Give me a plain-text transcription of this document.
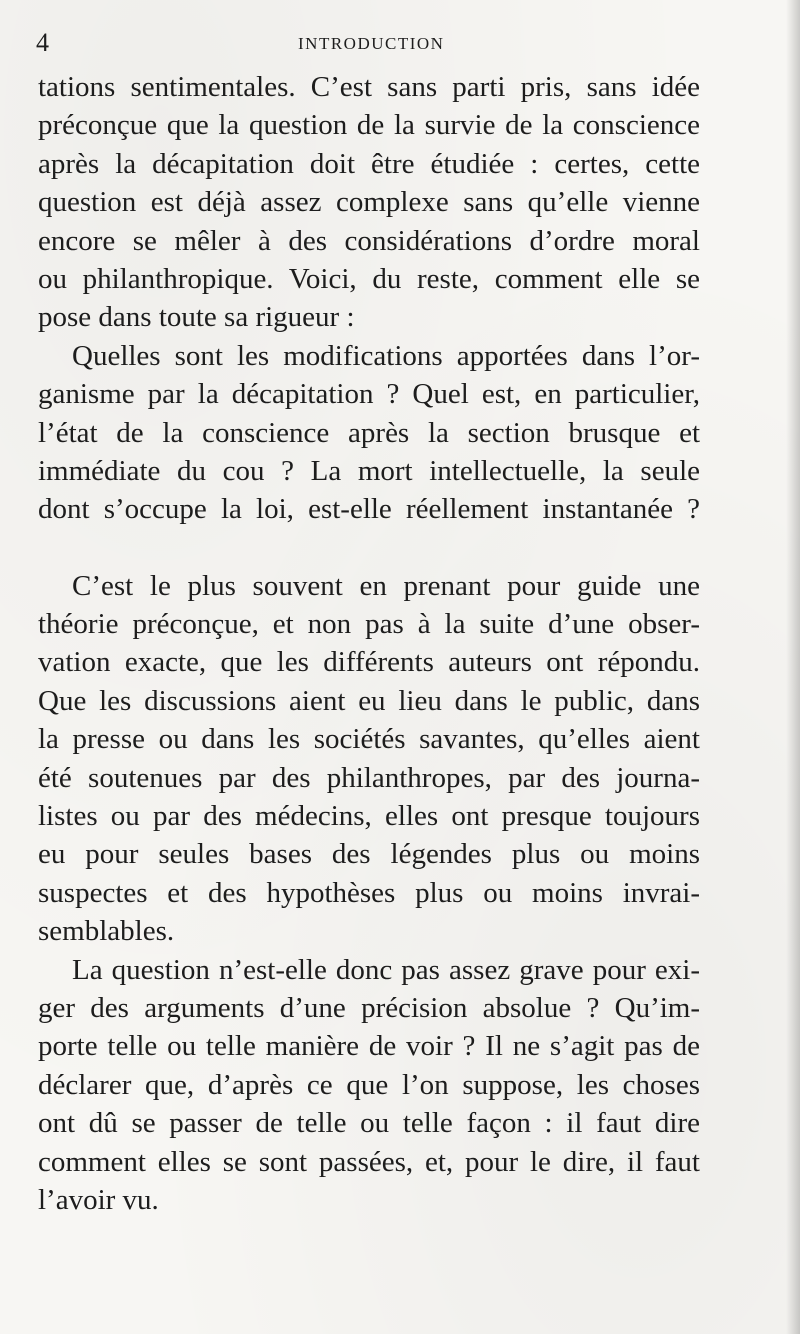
4	INTRODUCTION
tations sentimentales. C’est sans parti pris, sans idée
préconçue que la question de la survie de la conscience
après la décapitation doit être étudiée : certes, cette
question est déjà assez complexe sans qu’elle vienne
encore se mêler à des considérations d’ordre moral
ou philanthropique. Voici, du reste, comment elle se
pose dans toute sa rigueur :
Quelles sont les modifications apportées dans l’or-
ganisme par la décapitation ? Quel est, en particulier,
l’état de la conscience après la section brusque et
immédiate du cou ? La mort intellectuelle, la seule
dont s’occupe la loi, est-elle réellement instantanée ?
C’est le plus souvent en prenant pour guide une
théorie préconçue, et non pas à la suite d’une obser-
vation exacte, que les différents auteurs ont répondu.
Que les discussions aient eu lieu dans le public, dans
la presse ou dans les sociétés savantes, qu’elles aient
été soutenues par des philanthropes, par des journa-
listes ou par des médecins, elles ont presque toujours
eu pour seules bases des légendes plus ou moins
suspectes et des hypothèses plus ou moins invrai-
semblables.
La question n’est-elle donc pas assez grave pour exi-
ger des arguments d’une précision absolue ? Qu’im-
porte telle ou telle manière de voir ? Il ne s’agit pas de
déclarer que, d’après ce que l’on suppose, les choses
ont dû se passer de telle ou telle façon : il faut dire
comment elles se sont passées, et, pour le dire, il faut
l’avoir vu.
